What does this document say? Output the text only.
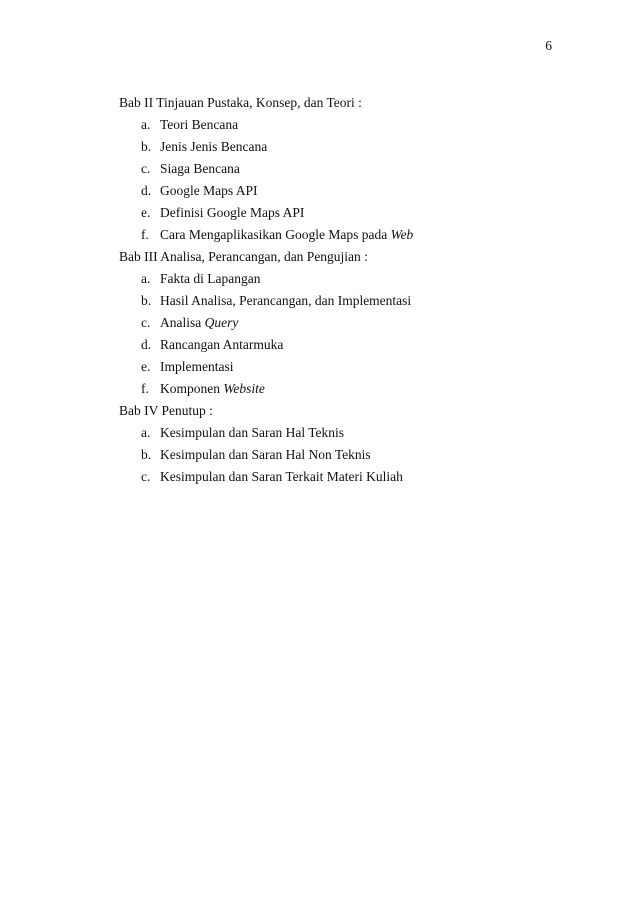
6
Bab II Tinjauan Pustaka, Konsep, dan Teori :
a. Teori Bencana
b. Jenis Jenis Bencana
c. Siaga Bencana
d. Google Maps API
e. Definisi Google Maps API
f. Cara Mengaplikasikan Google Maps pada Web
Bab III Analisa, Perancangan, dan Pengujian :
a. Fakta di Lapangan
b. Hasil Analisa, Perancangan, dan Implementasi
c. Analisa Query
d. Rancangan Antarmuka
e. Implementasi
f. Komponen Website
Bab IV Penutup :
a. Kesimpulan dan Saran Hal Teknis
b. Kesimpulan dan Saran Hal Non Teknis
c. Kesimpulan dan Saran Terkait Materi Kuliah
